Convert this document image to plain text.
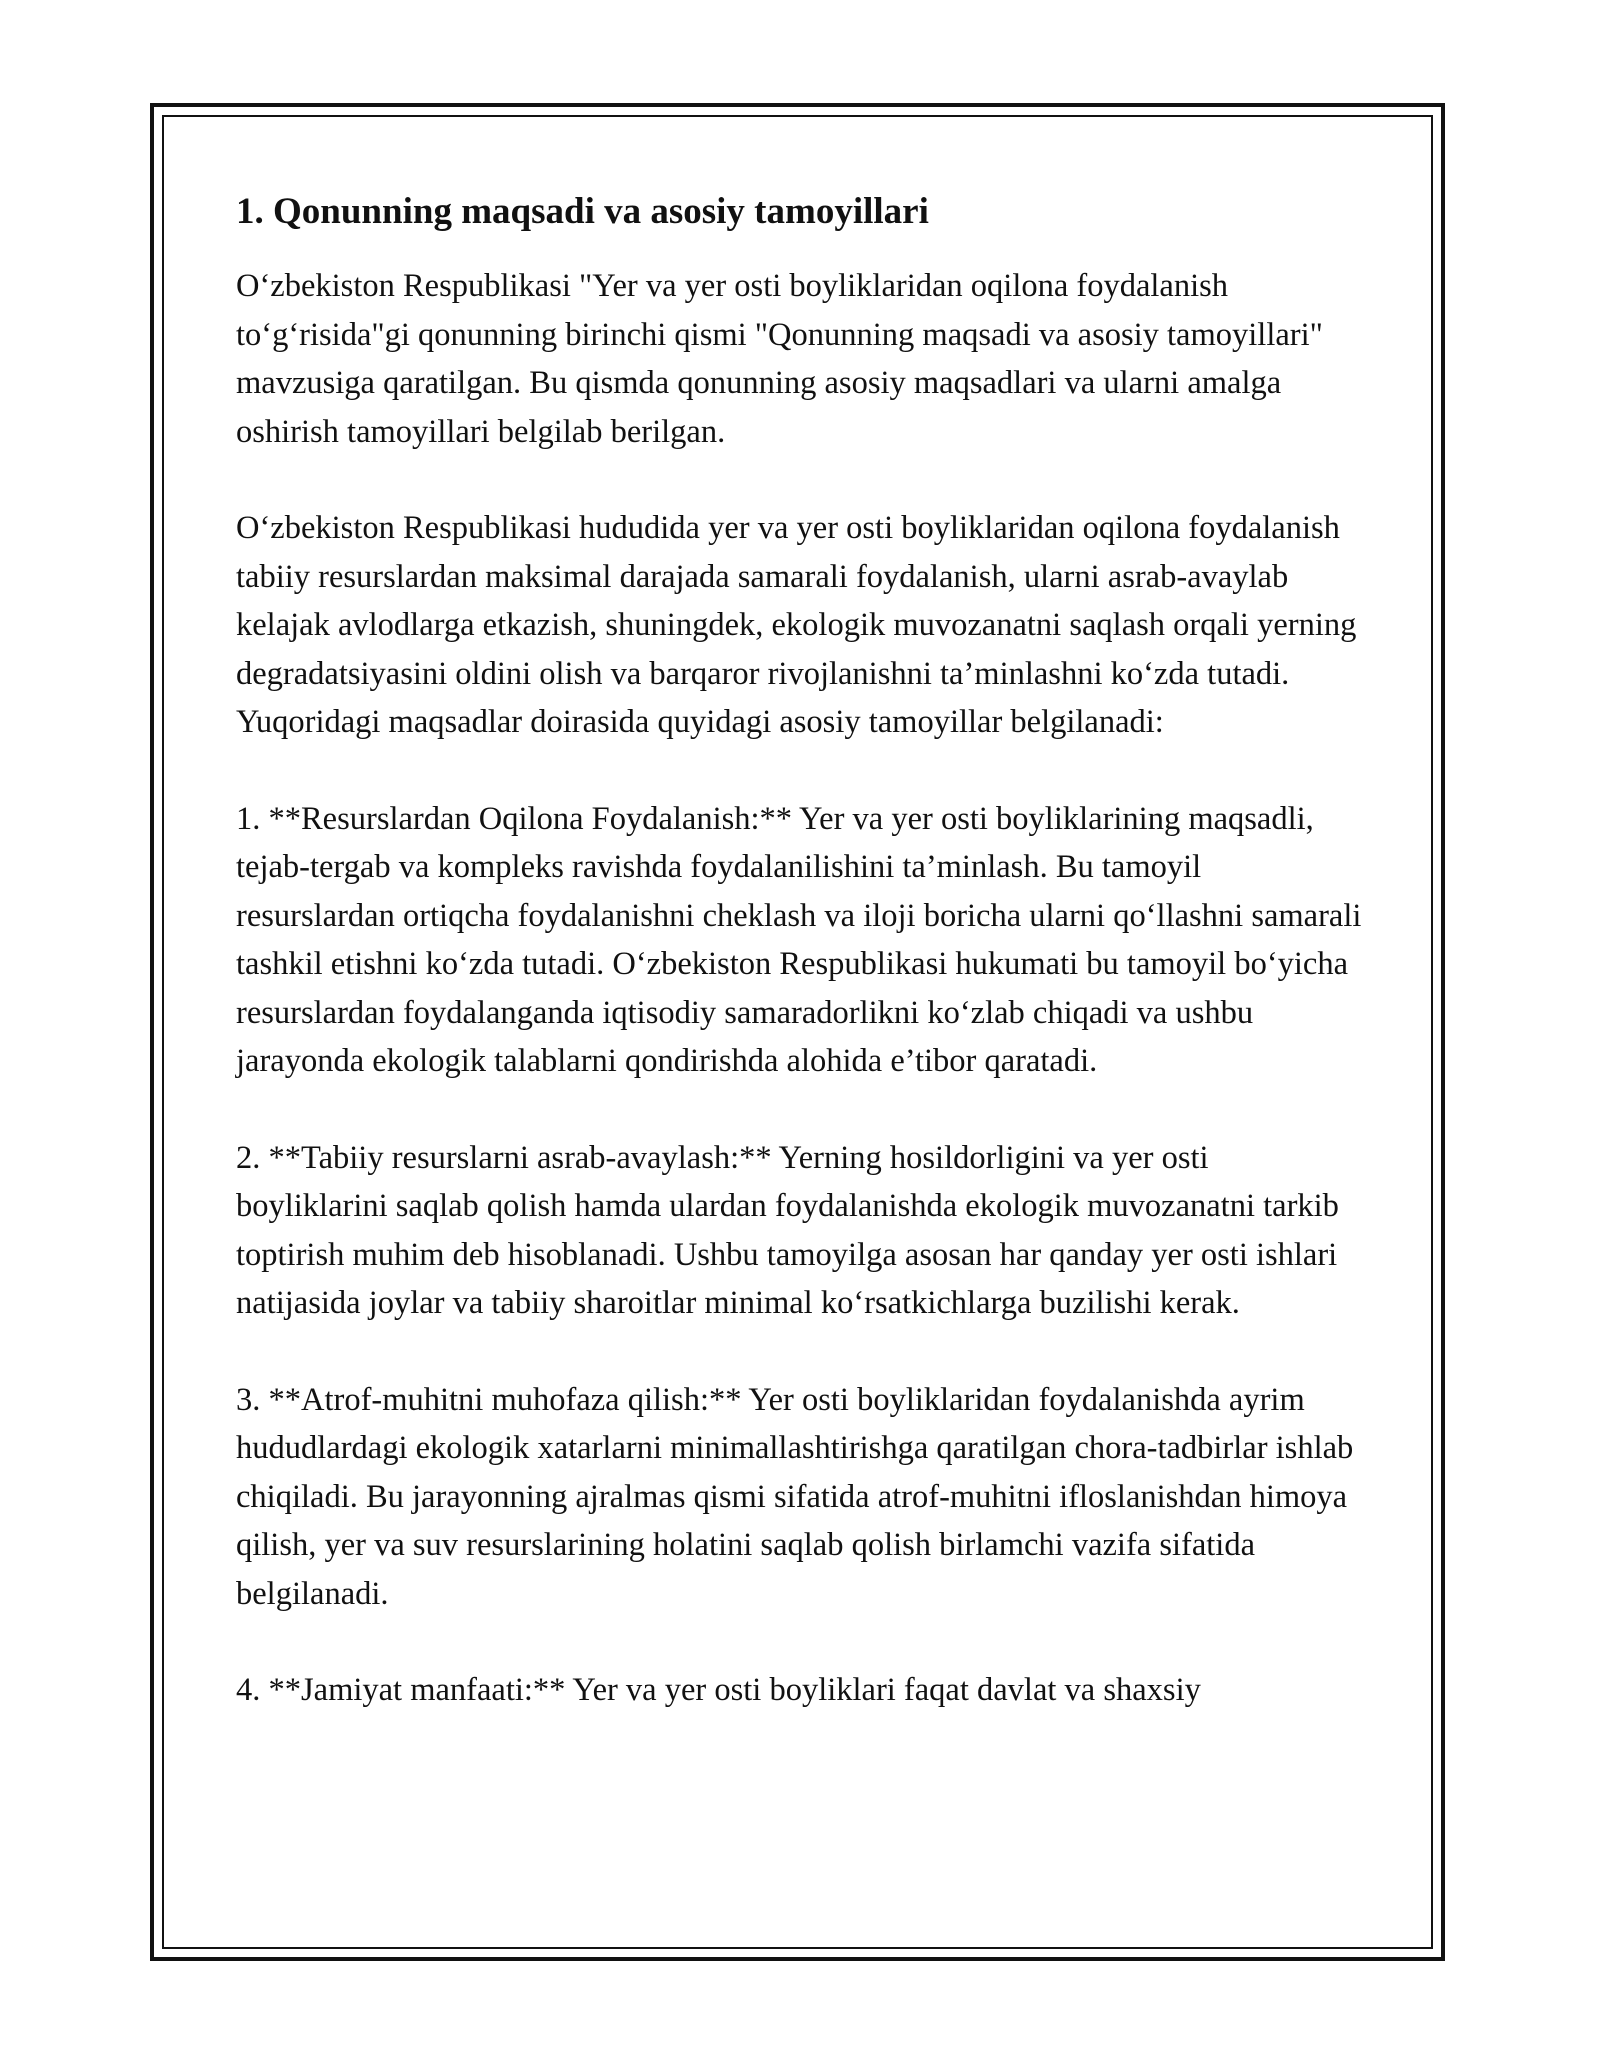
1. Qonunning maqsadi va asosiy tamoyillari

O‘zbekiston Respublikasi "Yer va yer osti boyliklaridan oqilona foydalanish to‘g‘risida"gi qonunning birinchi qismi "Qonunning maqsadi va asosiy tamoyillari" mavzusiga qaratilgan. Bu qismda qonunning asosiy maqsadlari va ularni amalga oshirish tamoyillari belgilab berilgan.

O‘zbekiston Respublikasi hududida yer va yer osti boyliklaridan oqilona foydalanish tabiiy resurslardan maksimal darajada samarali foydalanish, ularni asrab-avaylab kelajak avlodlarga etkazish, shuningdek, ekologik muvozanatni saqlash orqali yerning degradatsiyasini oldini olish va barqaror rivojlanishni ta’minlashni ko‘zda tutadi. Yuqoridagi maqsadlar doirasida quyidagi asosiy tamoyillar belgilanadi:

1. **Resurslardan Oqilona Foydalanish:** Yer va yer osti boyliklarining maqsadli, tejab-tergab va kompleks ravishda foydalanilishini ta’minlash. Bu tamoyil resurslardan ortiqcha foydalanishni cheklash va iloji boricha ularni qo‘llashni samarali tashkil etishni ko‘zda tutadi. O‘zbekiston Respublikasi hukumati bu tamoyil bo‘yicha resurslardan foydalanganda iqtisodiy samaradorlikni ko‘zlab chiqadi va ushbu jarayonda ekologik talablarni qondirishda alohida e’tibor qaratadi.

2. **Tabiiy resurslarni asrab-avaylash:** Yerning hosildorligini va yer osti boyliklarini saqlab qolish hamda ulardan foydalanishda ekologik muvozanatni tarkib toptirish muhim deb hisoblanadi. Ushbu tamoyilga asosan har qanday yer osti ishlari natijasida joylar va tabiiy sharoitlar minimal ko‘rsatkichlarga buzilishi kerak.

3. **Atrof-muhitni muhofaza qilish:** Yer osti boyliklaridan foydalanishda ayrim hududlardagi ekologik xatarlarni minimallashtirishga qaratilgan chora-tadbirlar ishlab chiqiladi. Bu jarayonning ajralmas qismi sifatida atrof-muhitni ifloslanishdan himoya qilish, yer va suv resurslarining holatini saqlab qolish birlamchi vazifa sifatida belgilanadi.

4. **Jamiyat manfaati:** Yer va yer osti boyliklari faqat davlat va shaxsiy
